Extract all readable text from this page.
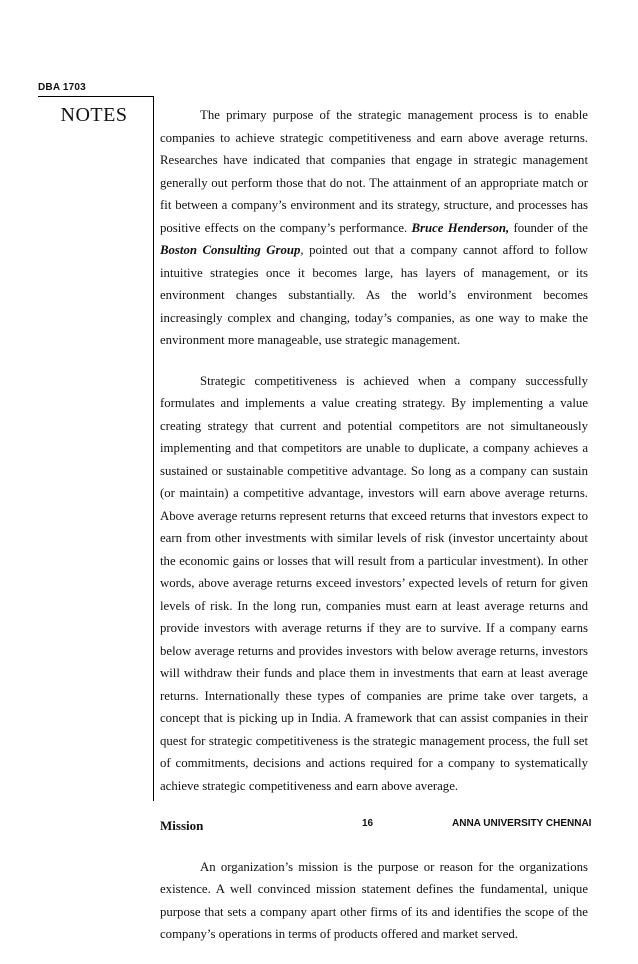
DBA 1703
NOTES	The primary purpose of the strategic management process is to enable companies to achieve strategic competitiveness and earn above average returns. Researches have indicated that companies that engage in strategic management generally out perform those that do not. The attainment of an appropriate match or fit between a company’s environment and its strategy, structure, and processes has positive effects on the company’s performance. Bruce Henderson, founder of the Boston Consulting Group, pointed out that a company cannot afford to follow intuitive strategies once it becomes large, has layers of management, or its environment changes substantially. As the world’s environment becomes increasingly complex and changing, today’s companies, as one way to make the environment more manageable, use strategic management.

Strategic competitiveness is achieved when a company successfully formulates and implements a value creating strategy. By implementing a value creating strategy that current and potential competitors are not simultaneously implementing and that competitors are unable to duplicate, a company achieves a sustained or sustainable competitive advantage. So long as a company can sustain (or maintain) a competitive advantage, investors will earn above average returns. Above average returns represent returns that exceed returns that investors expect to earn from other investments with similar levels of risk (investor uncertainty about the economic gains or losses that will result from a particular investment). In other words, above average returns exceed investors’ expected levels of return for given levels of risk. In the long run, companies must earn at least average returns and provide investors with average returns if they are to survive. If a company earns below average returns and provides investors with below average returns, investors will withdraw their funds and place them in investments that earn at least average returns. Internationally these types of companies are prime take over targets, a concept that is picking up in India. A framework that can assist companies in their quest for strategic competitiveness is the strategic management process, the full set of commitments, decisions and actions required for a company to systematically achieve strategic competitiveness and earn above average.

Mission

An organization’s mission is the purpose or reason for the organizations existence. A well convinced mission statement defines the fundamental, unique purpose that sets a company apart other firms of its and identifies the scope of the company’s operations in terms of products offered and market served.

16	ANNA UNIVERSITY CHENNAI
